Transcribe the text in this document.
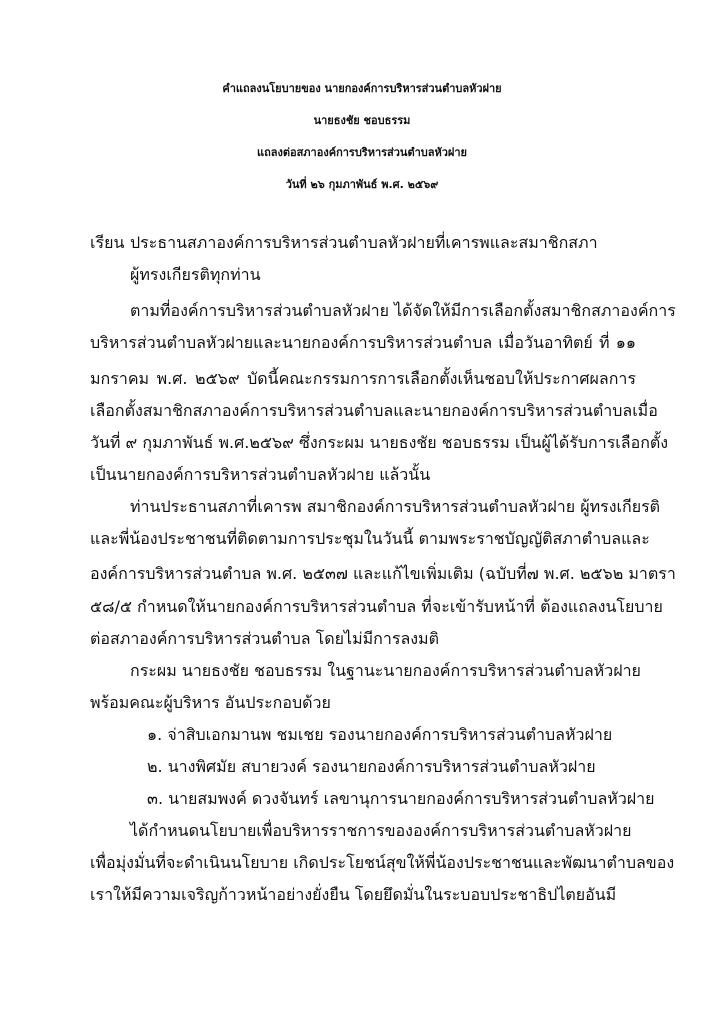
คำแถลงนโยบายของ นายกองค์การบริหารส่วนตำบลหัวฝาย
นายธงชัย ชอบธรรม
แถลงต่อสภาองค์การบริหารส่วนตำบลหัวฝาย
วันที่ ๒๖ กุมภาพันธ์ พ.ศ. ๒๕๖๙
เรียน ประธานสภาองค์การบริหารส่วนตำบลหัวฝายที่เคารพและสมาชิกสภา
ผู้ทรงเกียรติทุกท่าน
ตามที่องค์การบริหารส่วนตำบลหัวฝาย ได้จัดให้มีการเลือกตั้งสมาชิกสภาองค์การ
บริหารส่วนตำบลหัวฝายและนายกองค์การบริหารส่วนตำบล เมื่อวันอาทิตย์ ที่ ๑๑
มกราคม พ.ศ. ๒๕๖๙ บัดนี้คณะกรรมการการเลือกตั้งเห็นชอบให้ประกาศผลการ
เลือกตั้งสมาชิกสภาองค์การบริหารส่วนตำบลและนายกองค์การบริหารส่วนตำบลเมื่อ
วันที่ ๙ กุมภาพันธ์ พ.ศ.๒๕๖๙ ซึ่งกระผม นายธงชัย ชอบธรรม เป็นผู้ได้รับการเลือกตั้ง
เป็นนายกองค์การบริหารส่วนตำบลหัวฝาย แล้วนั้น
ท่านประธานสภาที่เคารพ สมาชิกองค์การบริหารส่วนตำบลหัวฝาย ผู้ทรงเกียรติ
และพี่น้องประชาชนที่ติดตามการประชุมในวันนี้ ตามพระราชบัญญัติสภาตำบลและ
องค์การบริหารส่วนตำบล พ.ศ. ๒๕๓๗ และแก้ไขเพิ่มเติม (ฉบับที่๗ พ.ศ. ๒๕๖๒ มาตรา
๕๘/๕ กำหนดให้นายกองค์การบริหารส่วนตำบล ที่จะเข้ารับหน้าที่ ต้องแถลงนโยบาย
ต่อสภาองค์การบริหารส่วนตำบล โดยไม่มีการลงมติ
กระผม นายธงชัย ชอบธรรม ในฐานะนายกองค์การบริหารส่วนตำบลหัวฝาย
พร้อมคณะผู้บริหาร อันประกอบด้วย
๑. จ่าสิบเอกมานพ ชมเชย รองนายกองค์การบริหารส่วนตำบลหัวฝาย
๒. นางพิศมัย สบายวงค์ รองนายกองค์การบริหารส่วนตำบลหัวฝาย
๓. นายสมพงค์ ดวงจันทร์ เลขานุการนายกองค์การบริหารส่วนตำบลหัวฝาย
ได้กำหนดนโยบายเพื่อบริหารราชการขององค์การบริหารส่วนตำบลหัวฝาย
เพื่อมุ่งมั่นที่จะดำเนินนโยบาย เกิดประโยชน์สุขให้พี่น้องประชาชนและพัฒนาตำบลของ
เราให้มีความเจริญก้าวหน้าอย่างยั่งยืน โดยยึดมั่นในระบอบประชาธิปไตยอันมี
